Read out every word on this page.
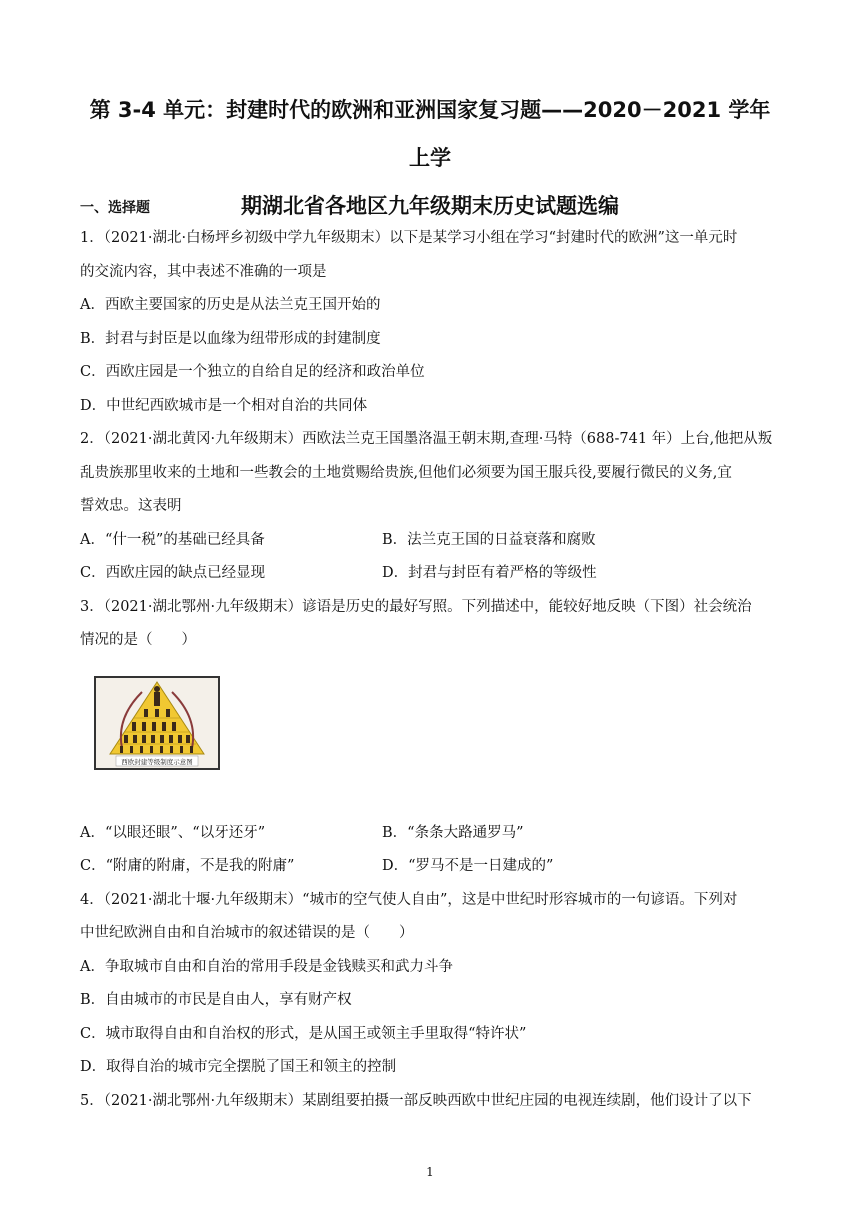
第 3-4 单元：封建时代的欧洲和亚洲国家复习题——2020－2021 学年上学
期湖北省各地区九年级期末历史试题选编
一、选择题
1．（2021·湖北·白杨坪乡初级中学九年级期末）以下是某学习小组在学习“封建时代的欧洲”这一单元时
的交流内容，其中表述不准确的一项是
A．西欧主要国家的历史是从法兰克王国开始的
B．封君与封臣是以血缘为纽带形成的封建制度
C．西欧庄园是一个独立的自给自足的经济和政治单位
D．中世纪西欧城市是一个相对自治的共同体
2．（2021·湖北黄冈·九年级期末）西欧法兰克王国墨洛温王朝末期,查理·马特（688-741 年）上台,他把从叛
乱贵族那里收来的土地和一些教会的土地赏赐给贵族,但他们必须要为国王服兵役,要履行微民的义务,宜
誓效忠。这表明
A．“什一税”的基础已经具备	B．法兰克王国的日益衰落和腐败
C．西欧庄园的缺点已经显现	D．封君与封臣有着严格的等级性
3．（2021·湖北鄂州·九年级期末）谚语是历史的最好写照。下列描述中，能较好地反映（下图）社会统治
情况的是（　　）
西欧封建等级制度示意图
A．“以眼还眼”、“以牙还牙”	B．“条条大路通罗马”
C．“附庸的附庸，不是我的附庸”	D．“罗马不是一日建成的”
4．（2021·湖北十堰·九年级期末）“城市的空气使人自由”，这是中世纪时形容城市的一句谚语。下列对
中世纪欧洲自由和自治城市的叙述错误的是（　　）
A．争取城市自由和自治的常用手段是金钱赎买和武力斗争
B．自由城市的市民是自由人，享有财产权
C．城市取得自由和自治权的形式，是从国王或领主手里取得“特许状”
D．取得自治的城市完全摆脱了国王和领主的控制
5．（2021·湖北鄂州·九年级期末）某剧组要拍摄一部反映西欧中世纪庄园的电视连续剧，他们设计了以下
1
